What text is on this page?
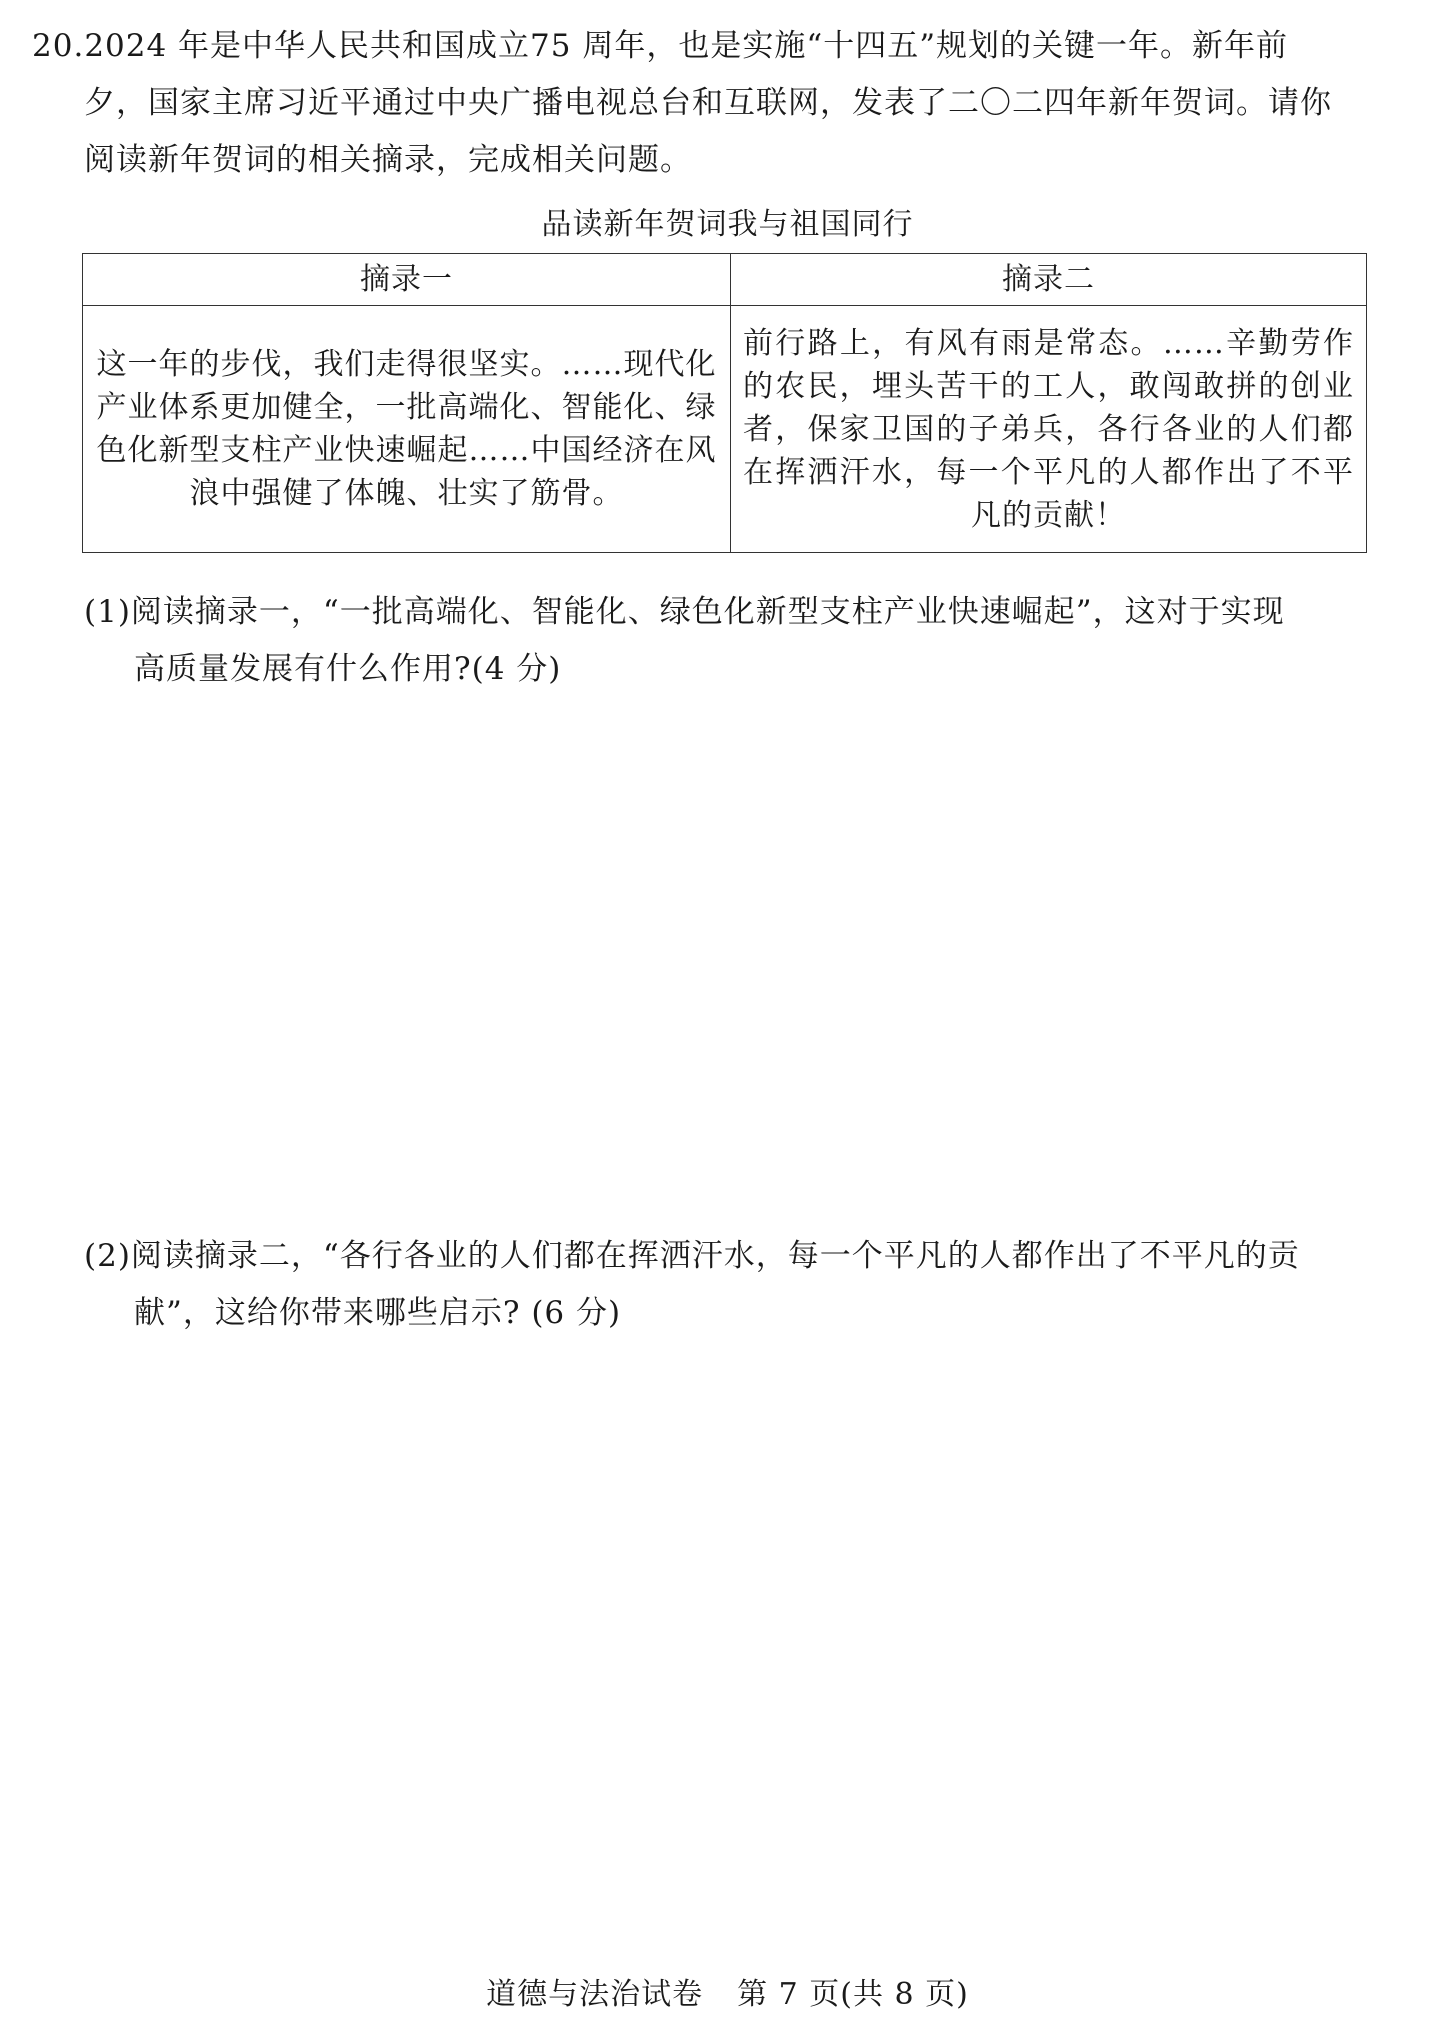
20.2024 年是中华人民共和国成立75 周年，也是实施“十四五”规划的关键一年。新年前
夕，国家主席习近平通过中央广播电视总台和互联网，发表了二〇二四年新年贺词。请你
阅读新年贺词的相关摘录，完成相关问题。
品读新年贺词我与祖国同行
摘录一	摘录二
这一年的步伐，我们走得很坚实。……现代化产业体系更加健全，一批高端化、智能化、绿色化新型支柱产业快速崛起……中国经济在风浪中强健了体魄、壮实了筋骨。	前行路上，有风有雨是常态。……辛勤劳作的农民，埋头苦干的工人，敢闯敢拼的创业者，保家卫国的子弟兵，各行各业的人们都在挥洒汗水，每一个平凡的人都作出了不平凡的贡献！
(1)阅读摘录一，“一批高端化、智能化、绿色化新型支柱产业快速崛起”，这对于实现
高质量发展有什么作用?(4 分)
(2)阅读摘录二，“各行各业的人们都在挥洒汗水，每一个平凡的人都作出了不平凡的贡
献”，这给你带来哪些启示? (6 分)
道德与法治试卷 第 7 页(共 8 页)
